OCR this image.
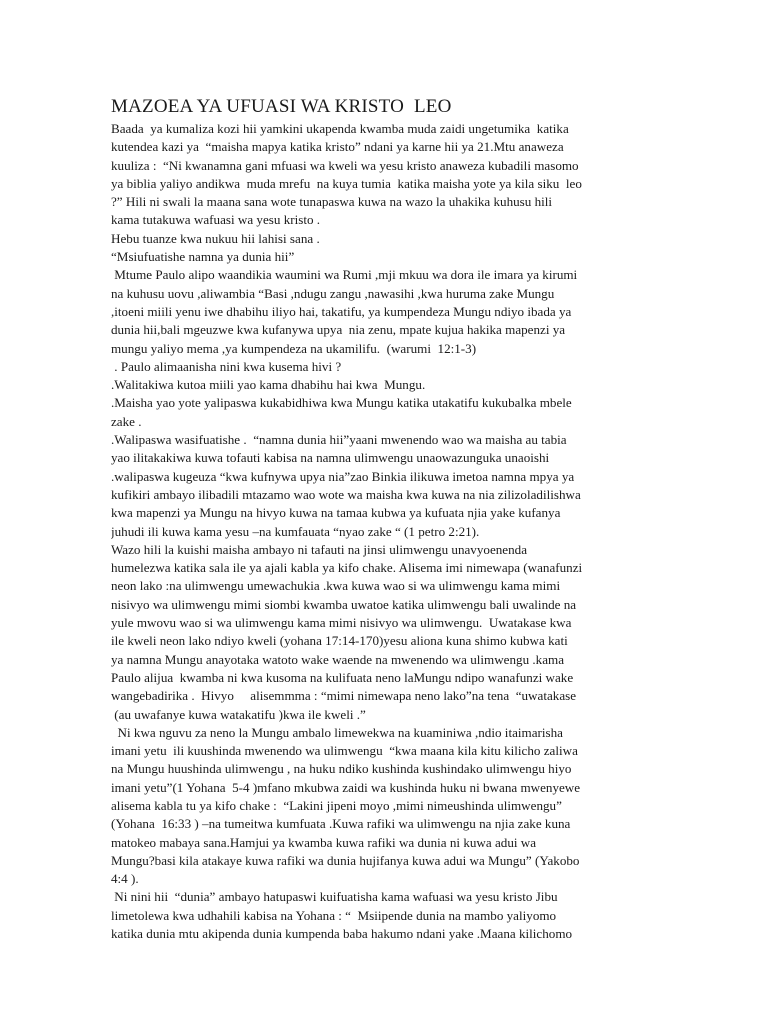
MAZOEA YA UFUASI WA KRISTO  LEO

Baada  ya kumaliza kozi hii yamkini ukapenda kwamba muda zaidi ungetumika  katika

kutendea kazi ya  “maisha mapya katika kristo” ndani ya karne hii ya 21.Mtu anaweza

kuuliza :  “Ni kwanamna gani mfuasi wa kweli wa yesu kristo anaweza kubadili masomo

ya biblia yaliyo andikwa  muda mrefu  na kuya tumia  katika maisha yote ya kila siku  leo

?” Hili ni swali la maana sana wote tunapaswa kuwa na wazo la uhakika kuhusu hili

kama tutakuwa wafuasi wa yesu kristo .

Hebu tuanze kwa nukuu hii lahisi sana .

“Msiufuatishe namna ya dunia hii”

Mtume Paulo alipo waandikia waumini wa Rumi ,mji mkuu wa dora ile imara ya kirumi

na kuhusu uovu ,aliwambia “Basi ,ndugu zangu ,nawasihi ,kwa huruma zake Mungu

,itoeni miili yenu iwe dhabihu iliyo hai, takatifu, ya kumpendeza Mungu ndiyo ibada ya

dunia hii,bali mgeuzwe kwa kufanywa upya  nia zenu, mpate kujua hakika mapenzi ya

mungu yaliyo mema ,ya kumpendeza na ukamilifu.  (warumi  12:1-3)

. Paulo alimaanisha nini kwa kusema hivi ?

.Walitakiwa kutoa miili yao kama dhabihu hai kwa  Mungu.

.Maisha yao yote yalipaswa kukabidhiwa kwa Mungu katika utakatifu kukubalka mbele

zake .

.Walipaswa wasifuatishe .  “namna dunia hii”yaani mwenendo wao wa maisha au tabia

yao ilitakakiwa kuwa tofauti kabisa na namna ulimwengu unaowazunguka unaoishi

.walipaswa kugeuza “kwa kufnywa upya nia”zao Binkia ilikuwa imetoa namna mpya ya

kufikiri ambayo ilibadili mtazamo wao wote wa maisha kwa kuwa na nia zilizoladilishwa

kwa mapenzi ya Mungu na hivyo kuwa na tamaa kubwa ya kufuata njia yake kufanya

juhudi ili kuwa kama yesu –na kumfauata “nyao zake “ (1 petro 2:21).

Wazo hili la kuishi maisha ambayo ni tafauti na jinsi ulimwengu unavyoenenda

humelezwa katika sala ile ya ajali kabla ya kifo chake. Alisema imi nimewapa (wanafunzi

neon lako :na ulimwengu umewachukia .kwa kuwa wao si wa ulimwengu kama mimi

nisivyo wa ulimwengu mimi siombi kwamba uwatoe katika ulimwengu bali uwalinde na

yule mwovu wao si wa ulimwengu kama mimi nisivyo wa ulimwengu.  Uwatakase kwa

ile kweli neon lako ndiyo kweli (yohana 17:14-170)yesu aliona kuna shimo kubwa kati

ya namna Mungu anayotaka watoto wake waende na mwenendo wa ulimwengu .kama

Paulo alijua  kwamba ni kwa kusoma na kulifuata neno laMungu ndipo wanafunzi wake

wangebadirika .  Hivyo     alisemmma : “mimi nimewapa neno lako”na tena  “uwatakase

(au uwafanye kuwa watakatifu )kwa ile kweli .”

Ni kwa nguvu za neno la Mungu ambalo limewekwa na kuaminiwa ,ndio itaimarisha

imani yetu  ili kuushinda mwenendo wa ulimwengu  “kwa maana kila kitu kilicho zaliwa

na Mungu huushinda ulimwengu , na huku ndiko kushinda kushindako ulimwengu hiyo

imani yetu”(1 Yohana  5-4 )mfano mkubwa zaidi wa kushinda huku ni bwana mwenyewe

alisema kabla tu ya kifo chake :  “Lakini jipeni moyo ,mimi nimeushinda ulimwengu”

(Yohana  16:33 ) –na tumeitwa kumfuata .Kuwa rafiki wa ulimwengu na njia zake kuna

matokeo mabaya sana.Hamjui ya kwamba kuwa rafiki wa dunia ni kuwa adui wa

Mungu?basi kila atakaye kuwa rafiki wa dunia hujifanya kuwa adui wa Mungu” (Yakobo

4:4 ).

Ni nini hii  “dunia” ambayo hatupaswi kuifuatisha kama wafuasi wa yesu kristo Jibu

limetolewa kwa udhahili kabisa na Yohana : “  Msiipende dunia na mambo yaliyomo

katika dunia mtu akipenda dunia kumpenda baba hakumo ndani yake .Maana kilichomo
